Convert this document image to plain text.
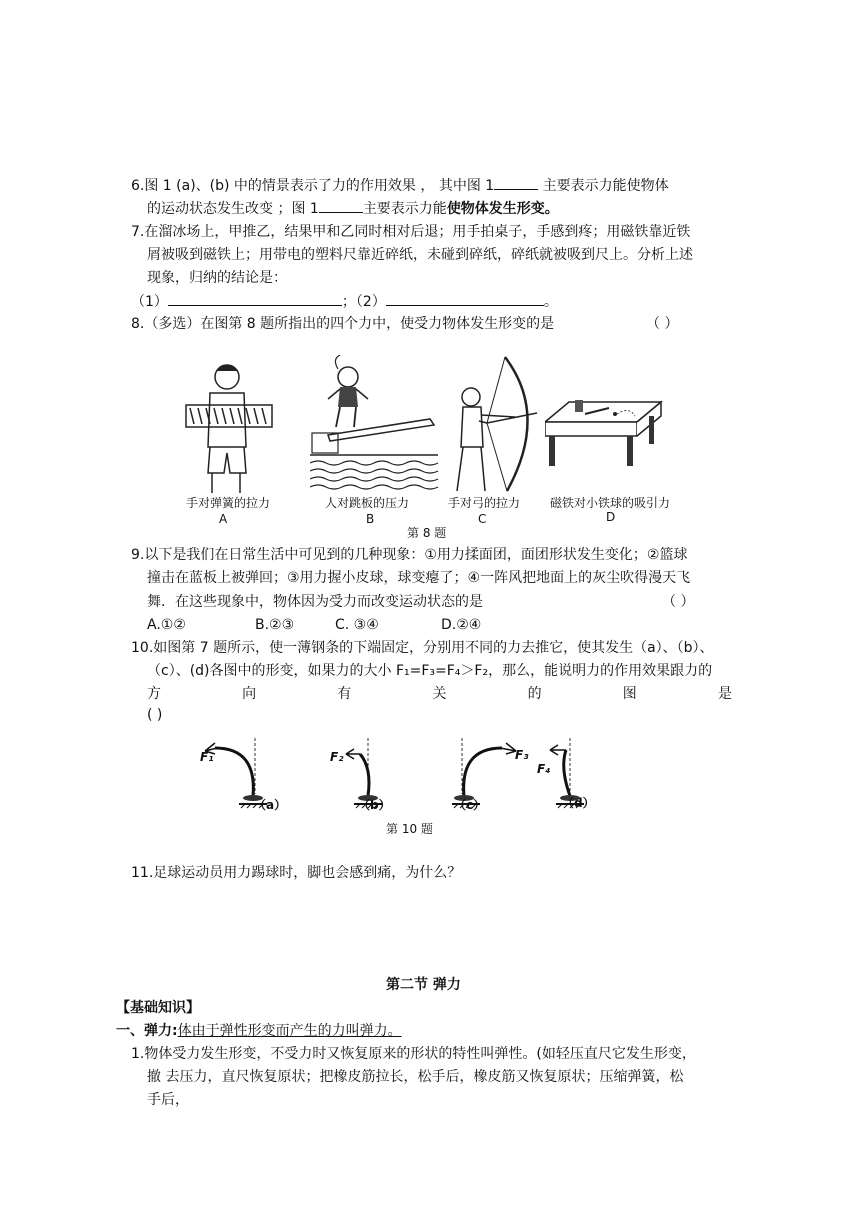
6.图 1 (a)、(b) 中的情景表示了力的作用效果 ， 其中图 1	主要表示力能使物体
的运动状态发生改变 ；图 1	主要表示力能使物体发生形变。
7.在溜冰场上，甲推乙，结果甲和乙同时相对后退；用手拍桌子，手感到疼；用磁铁靠近铁
屑被吸到磁铁上；用带电的塑料尺靠近碎纸，未碰到碎纸，碎纸就被吸到尺上。分析上述
现象，归纳的结论是：
（1）	；（2）	。
8.（多选）在图第 8 题所指出的四个力中，使受力物体发生形变的是	（ ）
手对弹簧的拉力	人对跳板的压力	手对弓的拉力 磁铁对小铁球的吸引力
A	B	C	D
第 8 题
9.以下是我们在日常生活中可见到的几种现象：①用力揉面团，面团形状发生变化；②篮球
撞击在蓝板上被弹回；③用力握小皮球，球变瘪了；④一阵风把地面上的灰尘吹得漫天飞
舞．在这些现象中，物体因为受力而改变运动状态的是	（ ）
A.①②	B.②③	C. ③④	D.②④
10.如图第 7 题所示，使一薄钢条的下端固定，分别用不同的力去推它，使其发生（a）、（b）、
（c）、(d)各图中的形变，如果力的大小 F₁=F₃=F₄＞F₂，那么，能说明力的作用效果跟力的
方	向	有	关	的	图	是
( )
F₁	F₂	F₃
F₄
（a）	（b）	（c）	（d）
第 10 题
11.足球运动员用力踢球时，脚也会感到痛，为什么？
第二节 弹力
【基础知识】
一、弹力:体由于弹性形变而产生的力叫弹力。
1.物体受力发生形变，不受力时又恢复原来的形状的特性叫弹性。(如轻压直尺它发生形变，
撤 去压力，直尺恢复原状；把橡皮筋拉长，松手后，橡皮筋又恢复原状；压缩弹簧，松
手后，
